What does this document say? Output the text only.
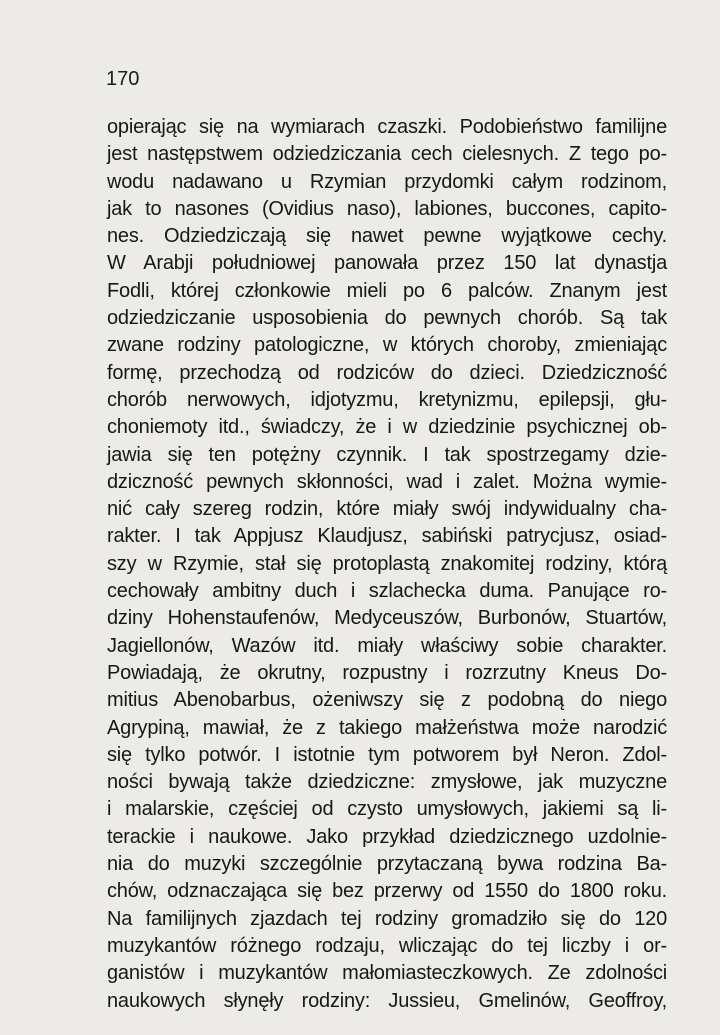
170
opierając się na wymiarach czaszki. Podobieństwo familijne
jest następstwem odziedziczania cech cielesnych. Z tego po-
wodu nadawano u Rzymian przydomki całym rodzinom,
jak to nasones (Ovidius naso), labiones, buccones, capito-
nes. Odziedziczają się nawet pewne wyjątkowe cechy.
W Arabji południowej panowała przez 150 lat dynastja
Fodli, której członkowie mieli po 6 palców. Znanym jest
odziedziczanie usposobienia do pewnych chorób. Są tak
zwane rodziny patologiczne, w których choroby, zmieniając
formę, przechodzą od rodziców do dzieci. Dziedziczność
chorób nerwowych, idjotyzmu, kretynizmu, epilepsji, głu-
choniemoty itd., świadczy, że i w dziedzinie psychicznej ob-
jawia się ten potężny czynnik. I tak spostrzegamy dzie-
dziczność pewnych skłonności, wad i zalet. Można wymie-
nić cały szereg rodzin, które miały swój indywidualny cha-
rakter. I tak Appjusz Klaudjusz, sabiński patrycjusz, osiad-
szy w Rzymie, stał się protoplastą znakomitej rodziny, którą
cechowały ambitny duch i szlachecka duma. Panujące ro-
dziny Hohenstaufenów, Medyceuszów, Burbonów, Stuartów,
Jagiellonów, Wazów itd. miały właściwy sobie charakter.
Powiadają, że okrutny, rozpustny i rozrzutny Kneus Do-
mitius Abenobarbus, ożeniwszy się z podobną do niego
Agrypiną, mawiał, że z takiego małżeństwa może narodzić
się tylko potwór. I istotnie tym potworem był Neron. Zdol-
ności bywają także dziedziczne: zmysłowe, jak muzyczne
i malarskie, częściej od czysto umysłowych, jakiemi są li-
terackie i naukowe. Jako przykład dziedzicznego uzdolnie-
nia do muzyki szczególnie przytaczaną bywa rodzina Ba-
chów, odznaczająca się bez przerwy od 1550 do 1800 roku.
Na familijnych zjazdach tej rodziny gromadziło się do 120
muzykantów różnego rodzaju, wliczając do tej liczby i or-
ganistów i muzykantów małomiasteczkowych. Ze zdolności
naukowych słynęły rodziny: Jussieu, Gmelinów, Geoffroy,
